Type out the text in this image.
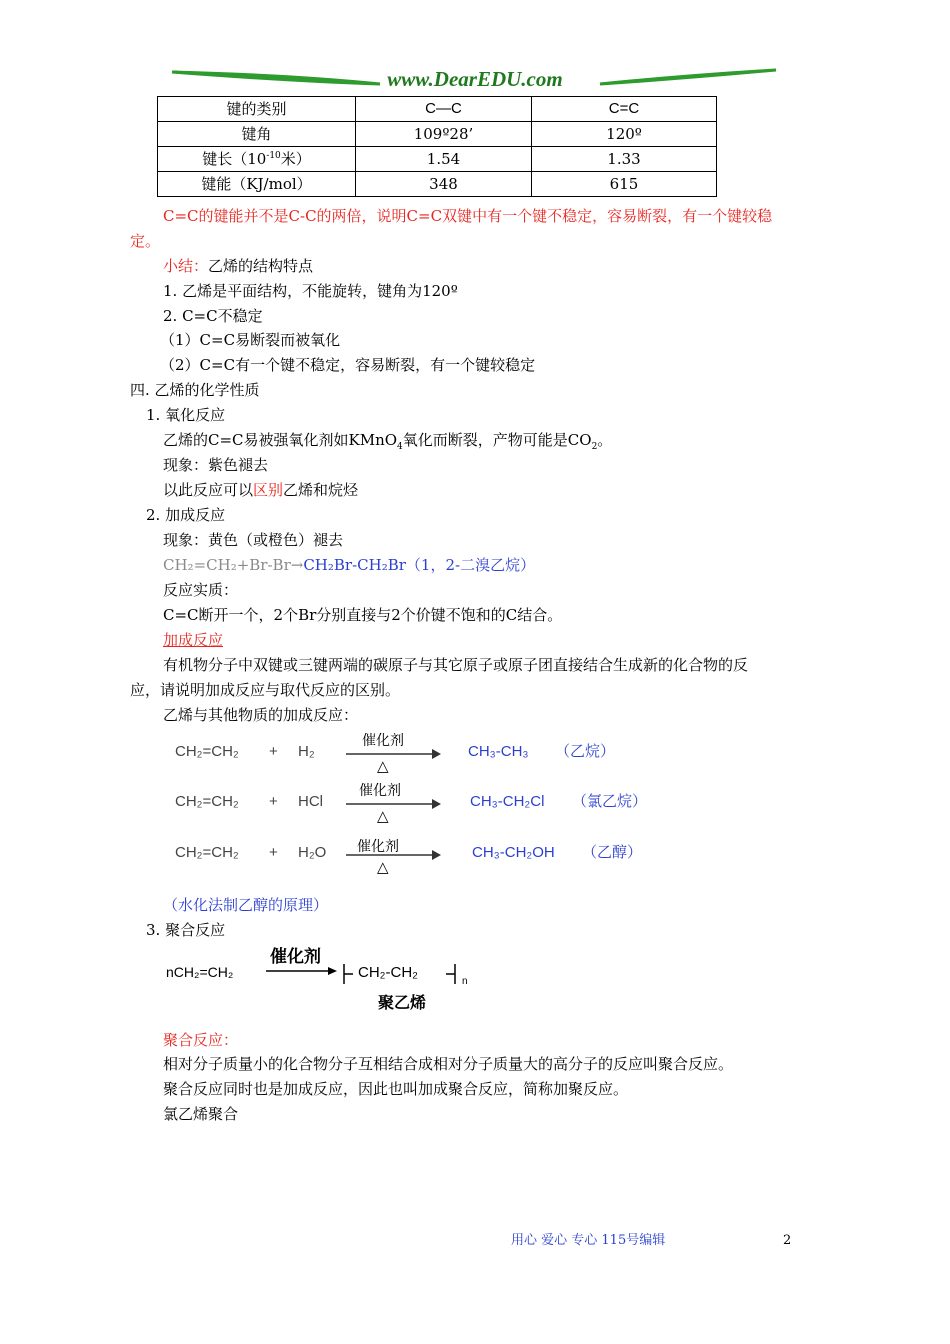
www.DearEDU.com
键的类别	C—C	C=C
键角	109º28’	120º
键长（$10^{-10}$米）	1.54	1.33
键能（KJ/mol）	348	615
C=C的键能并不是C-C的两倍，说明C=C双键中有一个键不稳定，容易断裂，有一个键较稳
定。
小结：乙烯的结构特点
1. 乙烯是平面结构，不能旋转，键角为120º
2. C=C不稳定
（1）C=C易断裂而被氧化
（2）C=C有一个键不稳定，容易断裂，有一个键较稳定
四. 乙烯的化学性质
1. 氧化反应
乙烯的C=C易被强氧化剂如KMnO$_4$氧化而断裂，产物可能是$CO_2$。
现象：紫色褪去
以此反应可以区别乙烯和烷烃
2. 加成反应
现象：黄色（或橙色）褪去
CH₂=CH₂+Br-Br→CH₂Br-CH₂Br（1，2-二溴乙烷）
反应实质：
C=C断开一个，2个Br分别直接与2个价键不饱和的C结合。
加成反应
有机物分子中双键或三键两端的碳原子与其它原子或原子团直接结合生成新的化合物的反
应，请说明加成反应与取代反应的区别。
乙烯与其他物质的加成反应：
CH₂=CH₂ + H₂
催化剂
△
CH₃-CH₃ （乙烷）
CH₂=CH₂ + HCl
催化剂
△
CH₃-CH₂Cl （氯乙烷）
CH₂=CH₂ + H₂O 催化剂
△
CH₃-CH₂OH （乙醇）
（水化法制乙醇的原理）
3. 聚合反应
nCH₂=CH₂
催化剂
CH₂-CH₂
n
聚乙烯
聚合反应：
相对分子质量小的化合物分子互相结合成相对分子质量大的高分子的反应叫聚合反应。
聚合反应同时也是加成反应，因此也叫加成聚合反应，简称加聚反应。
氯乙烯聚合
用心 爱心 专心 115号编辑	2
